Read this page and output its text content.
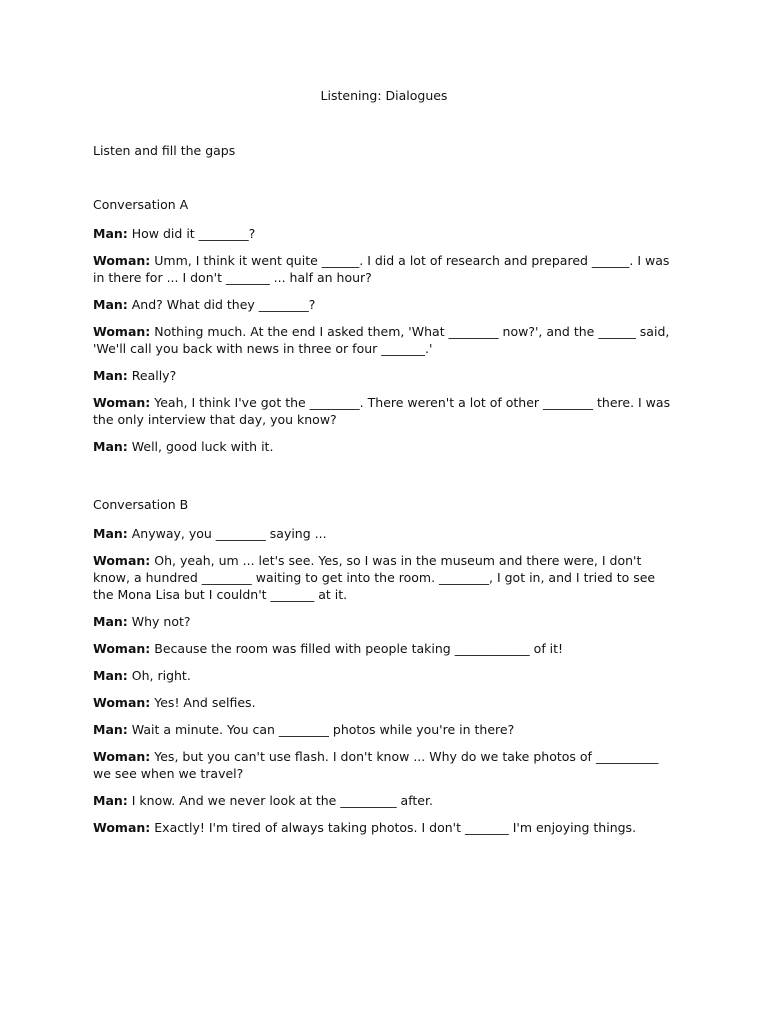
Listening: Dialogues

Listen and fill the gaps

Conversation A

Man: How did it ________?

Woman: Umm, I think it went quite ______. I did a lot of research and prepared ______. I was in there for ... I don't _______ ... half an hour?

Man: And? What did they ________?

Woman: Nothing much. At the end I asked them, 'What ________ now?', and the ______ said, 'We'll call you back with news in three or four _______.'

Man: Really?

Woman: Yeah, I think I've got the ________. There weren't a lot of other ________ there. I was the only interview that day, you know?

Man: Well, good luck with it.

Conversation B

Man: Anyway, you ________ saying ...

Woman: Oh, yeah, um ... let's see. Yes, so I was in the museum and there were, I don't know, a hundred ________ waiting to get into the room. ________, I got in, and I tried to see the Mona Lisa but I couldn't _______ at it.

Man: Why not?

Woman: Because the room was filled with people taking ____________ of it!

Man: Oh, right.

Woman: Yes! And selfies.

Man: Wait a minute. You can ________ photos while you're in there?

Woman: Yes, but you can't use flash. I don't know ... Why do we take photos of __________ we see when we travel?

Man: I know. And we never look at the _________ after.

Woman: Exactly! I'm tired of always taking photos. I don't _______ I'm enjoying things.
